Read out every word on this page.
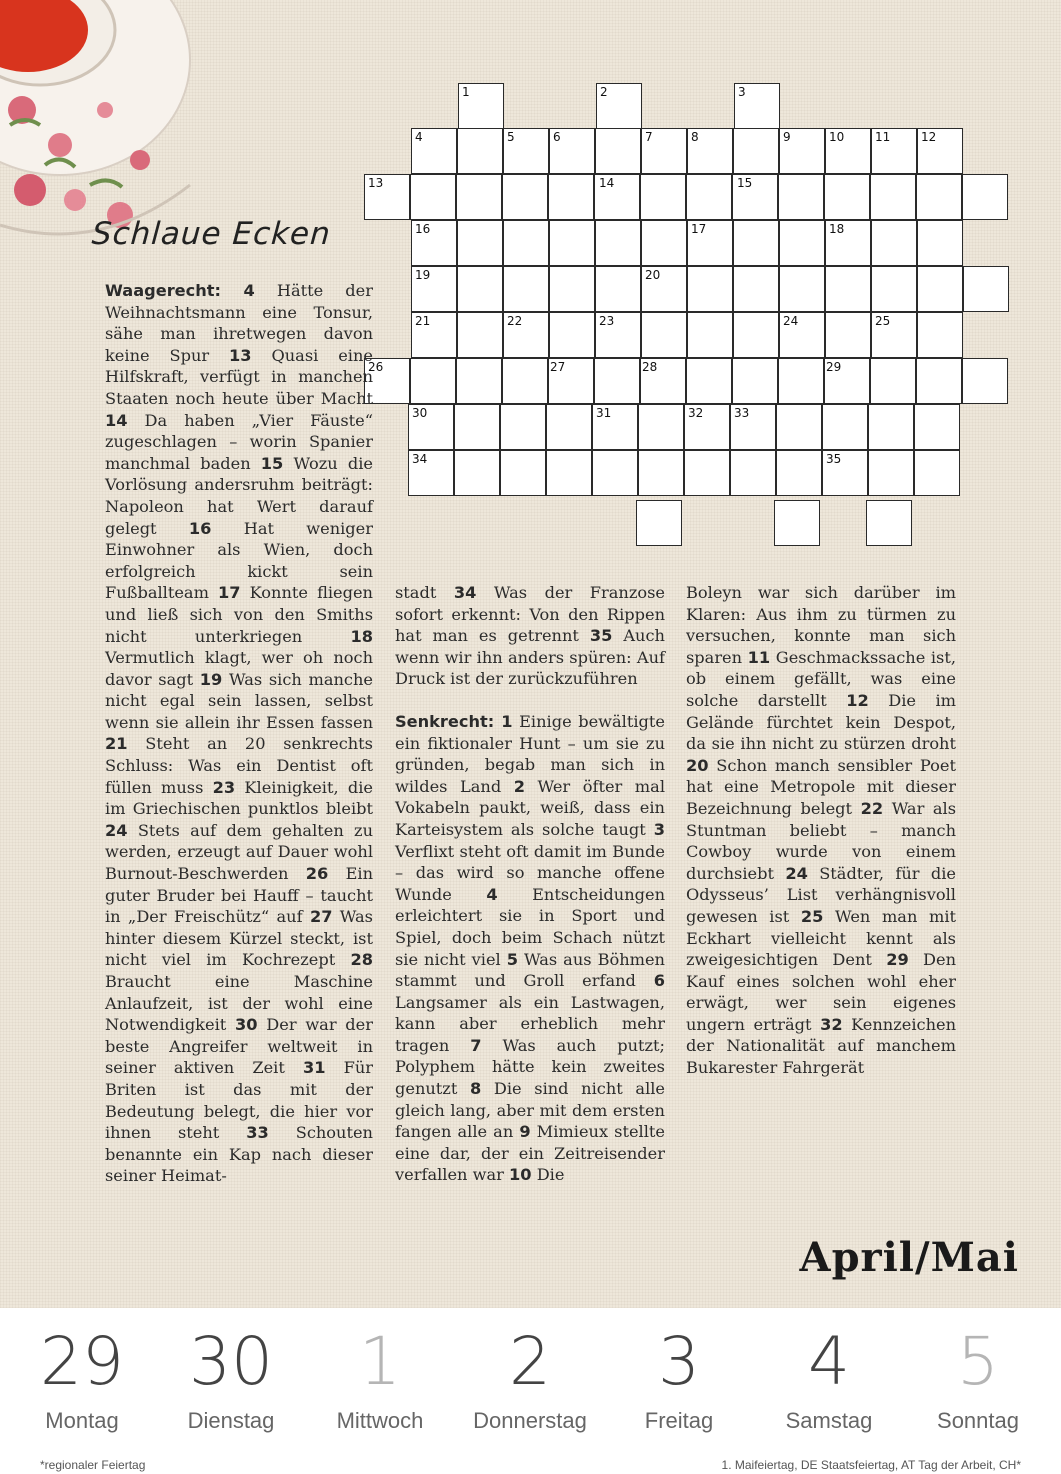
Schlaue Ecken
1	2	3
4	5	6	7	8	9	10	11	12
13	14	15
16	17	18
19	20
21	22	23	24	25
26	27	28	29
30	31	32	33
34	35

Waagerecht: 4 Hätte der Weihnachtsmann eine Tonsur, sähe man ihretwegen davon keine Spur 13 Quasi eine Hilfskraft, verfügt in manchen Staaten noch heute über Macht 14 Da haben „Vier Fäuste“ zugeschlagen – worin Spanier manchmal baden 15 Wozu die Vorlösung andersruhm beiträgt: Napoleon hat Wert darauf gelegt 16 Hat weniger Einwohner als Wien, doch erfolgreich kickt sein Fußballteam 17 Konnte fliegen und ließ sich von den Smiths nicht unterkriegen 18 Vermutlich klagt, wer oh noch davor sagt 19 Was sich manche nicht egal sein lassen, selbst wenn sie allein ihr Essen fassen 21 Steht an 20 senkrechts Schluss: Was ein Dentist oft füllen muss 23 Kleinigkeit, die im Griechischen punktlos bleibt 24 Stets auf dem gehalten zu werden, erzeugt auf Dauer wohl Burnout-Beschwerden 26 Ein guter Bruder bei Hauff – taucht in „Der Freischütz“ auf 27 Was hinter diesem Kürzel steckt, ist nicht viel im Kochrezept 28 Braucht eine Maschine Anlaufzeit, ist der wohl eine Notwendigkeit 30 Der war der beste Angreifer weltweit in seiner aktiven Zeit 31 Für Briten ist das mit der Bedeutung belegt, die hier vor ihnen steht 33 Schouten benannte ein Kap nach dieser seiner Heimat-

stadt 34 Was der Franzose sofort erkennt: Von den Rippen hat man es getrennt 35 Auch wenn wir ihn anders spüren: Auf Druck ist der zurückzuführen

Senkrecht: 1 Einige bewältigte ein fiktionaler Hunt – um sie zu gründen, begab man sich in wildes Land 2 Wer öfter mal Vokabeln paukt, weiß, dass ein Karteisystem als solche taugt 3 Verflixt steht oft damit im Bunde – das wird so manche offene Wunde 4 Entscheidungen erleichtert sie in Sport und Spiel, doch beim Schach nützt sie nicht viel 5 Was aus Böhmen stammt und Groll erfand 6 Langsamer als ein Lastwagen, kann aber erheblich mehr tragen 7 Was auch putzt; Polyphem hätte kein zweites genutzt 8 Die sind nicht alle gleich lang, aber mit dem ersten fangen alle an 9 Mimieux stellte eine dar, der ein Zeitreisender verfallen war 10 Die

Boleyn war sich darüber im Klaren: Aus ihm zu türmen zu versuchen, konnte man sich sparen 11 Geschmackssache ist, ob einem gefällt, was eine solche darstellt 12 Die im Gelände fürchtet kein Despot, da sie ihn nicht zu stürzen droht 20 Schon manch sensibler Poet hat eine Metropole mit dieser Bezeichnung belegt 22 War als Stuntman beliebt – manch Cowboy wurde von einem durchsiebt 24 Städter, für die Odysseus’ List verhängnisvoll gewesen ist 25 Wen man mit Eckhart vielleicht kennt als zweigesichtigen Dent 29 Den Kauf eines solchen wohl eher erwägt, wer sein eigenes ungern erträgt 32 Kennzeichen der Nationalität auf manchem Bukarester Fahrgerät

April/Mai
29
Montag
30
Dienstag
1
Mittwoch
2
Donnerstag
3
Freitag
4
Samstag
5
Sonntag
*regionaler Feiertag	1. Maifeiertag, DE Staatsfeiertag, AT Tag der Arbeit, CH*
